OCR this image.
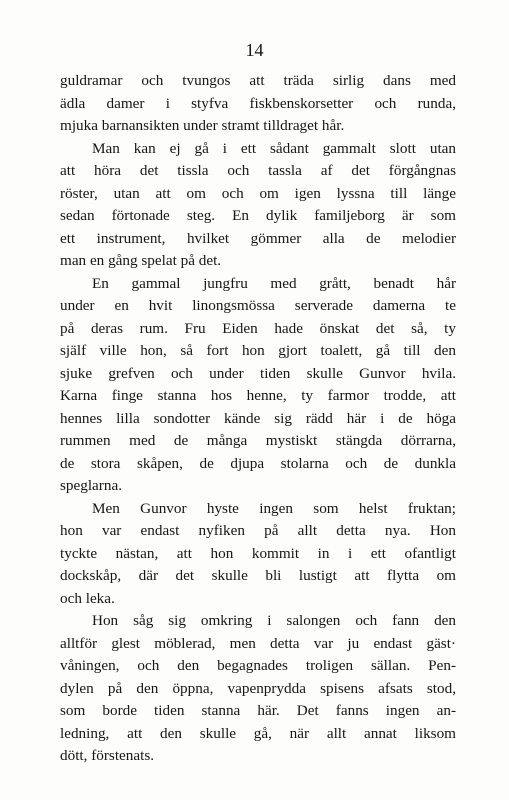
14
guldramar och tvungos att träda sirlig dans med
ädla damer i styfva fiskbenskorsetter och runda,
mjuka barnansikten under stramt tilldraget hår.
Man kan ej gå i ett sådant gammalt slott utan
att höra det tissla och tassla af det förgångnas
röster, utan att om och om igen lyssna till länge
sedan förtonade steg. En dylik familjeborg är som
ett instrument, hvilket gömmer alla de melodier
man en gång spelat på det.
En gammal jungfru med grått, benadt hår
under en hvit linongsmössa serverade damerna te
på deras rum. Fru Eiden hade önskat det så, ty
själf ville hon, så fort hon gjort toalett, gå till den
sjuke grefven och under tiden skulle Gunvor hvila.
Karna finge stanna hos henne, ty farmor trodde, att
hennes lilla sondotter kände sig rädd här i de höga
rummen med de många mystiskt stängda dörrarna,
de stora skåpen, de djupa stolarna och de dunkla
speglarna.
Men Gunvor hyste ingen som helst fruktan;
hon var endast nyfiken på allt detta nya. Hon
tyckte nästan, att hon kommit in i ett ofantligt
dockskåp, där det skulle bli lustigt att flytta om
och leka.
Hon såg sig omkring i salongen och fann den
alltför glest möblerad, men detta var ju endast gäst·
våningen, och den begagnades troligen sällan. Pen-
dylen på den öppna, vapenprydda spisens afsats stod,
som borde tiden stanna här. Det fanns ingen an-
ledning, att den skulle gå, när allt annat liksom
dött, förstenats.
